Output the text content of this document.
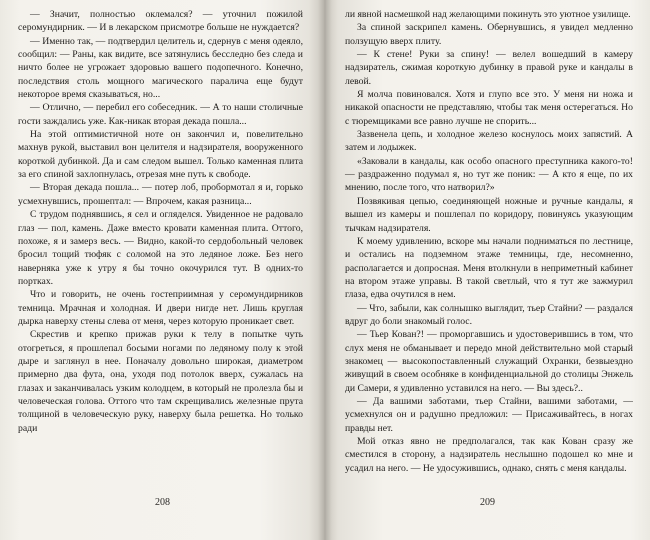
— Значит, полностью оклемался? — уточнил пожилой серомундирник. — И в лекарском присмотре больше не нуждается?

— Именно так, — подтвердил целитель и, сдернув с меня одеяло, сообщил: — Раны, как видите, все затянулись бесследно без следа и ничто более не угрожает здоровью вашего подопечного. Конечно, последствия столь мощного магического паралича еще будут некоторое время сказываться, но...

— Отлично, — перебил его собеседник. — А то наши столичные гости заждались уже. Как-никак вторая декада пошла...

На этой оптимистичной ноте он закончил и, повелительно махнув рукой, выставил вон целителя и надзирателя, вооруженного короткой дубинкой. Да и сам следом вышел. Только каменная плита за его спиной захлопнулась, отрезая мне путь к свободе.

— Вторая декада пошла... — потер лоб, пробормотал я и, горько усмехнувшись, прошептал: — Впрочем, какая разница...

С трудом поднявшись, я сел и огляделся. Увиденное не радовало глаз — пол, камень. Даже вместо кровати каменная плита. Оттого, похоже, я и замерз весь. — Видно, какой-то сердобольный человек бросил тощий тюфяк с соломой на это ледяное ложе. Без него наверняка уже к утру я бы точно окочурился тут. В одних-то портках.

Что и говорить, не очень гостеприимная у серомундирников темница. Мрачная и холодная. И двери нигде нет. Лишь круглая дырка наверху стены слева от меня, через которую проникает свет.

Скрестив и крепко прижав руки к телу в попытке чуть отогреться, я прошлепал босыми ногами по ледяному полу к этой дыре и заглянул в нее. Поначалу довольно широкая, диаметром примерно два фута, она, уходя под потолок вверх, сужалась на глазах и заканчивалась узким колодцем, в который не пролезла бы и человеческая голова. Оттого что там скрещивались железные прута толщиной в человеческую руку, наверху была решетка. Но только ради

208

ли явной насмешкой над желающими покинуть это уютное узилище.

За спиной заскрипел камень. Обернувшись, я увидел медленно ползущую вверх плиту.

— К стене! Руки за спину! — велел вошедший в камеру надзиратель, сжимая короткую дубинку в правой руке и кандалы в левой.

Я молча повиновался. Хотя и глупо все это. У меня ни ножа и никакой опасности не представляю, чтобы так меня остерегаться. Но с тюремщиками все равно лучше не спорить...

Зазвенела цепь, и холодное железо коснулось моих запястий. А затем и лодыжек.

«Заковали в кандалы, как особо опасного преступника какого-то! — раздраженно подумал я, но тут же поник: — А кто я еще, по их мнению, после того, что натворил?»

Позвякивая цепью, соединяющей ножные и ручные кандалы, я вышел из камеры и пошлепал по коридору, повинуясь указующим тычкам надзирателя.

К моему удивлению, вскоре мы начали подниматься по лестнице, и остались на подземном этаже темницы, где, несомненно, располагается и допросная. Меня втолкнули в неприметный кабинет на втором этаже управы. В такой светлый, что я тут же зажмурил глаза, едва очутился в нем.

— Что, забыли, как солнышко выглядит, тьер Стайни? — раздался вдруг до боли знакомый голос.

— Тьер Кован?! — проморгавшись и удостоверившись в том, что слух меня не обманывает и передо мной действительно мой старый знакомец — высокопоставленный служащий Охранки, безвыездно живущий в своем особняке в конфиденциальной до столицы Энжель ди Самери, я удивленно уставился на него. — Вы здесь?..

— Да вашими заботами, тьер Стайни, вашими заботами, — усмехнулся он и радушно предложил: — Присаживайтесь, в ногах правды нет.

Мой отказ явно не предполагался, так как Кован сразу же сместился в сторону, а надзиратель неслышно подошел ко мне и усадил на него. — Не удосужившись, однако, снять с меня кандалы.

209
